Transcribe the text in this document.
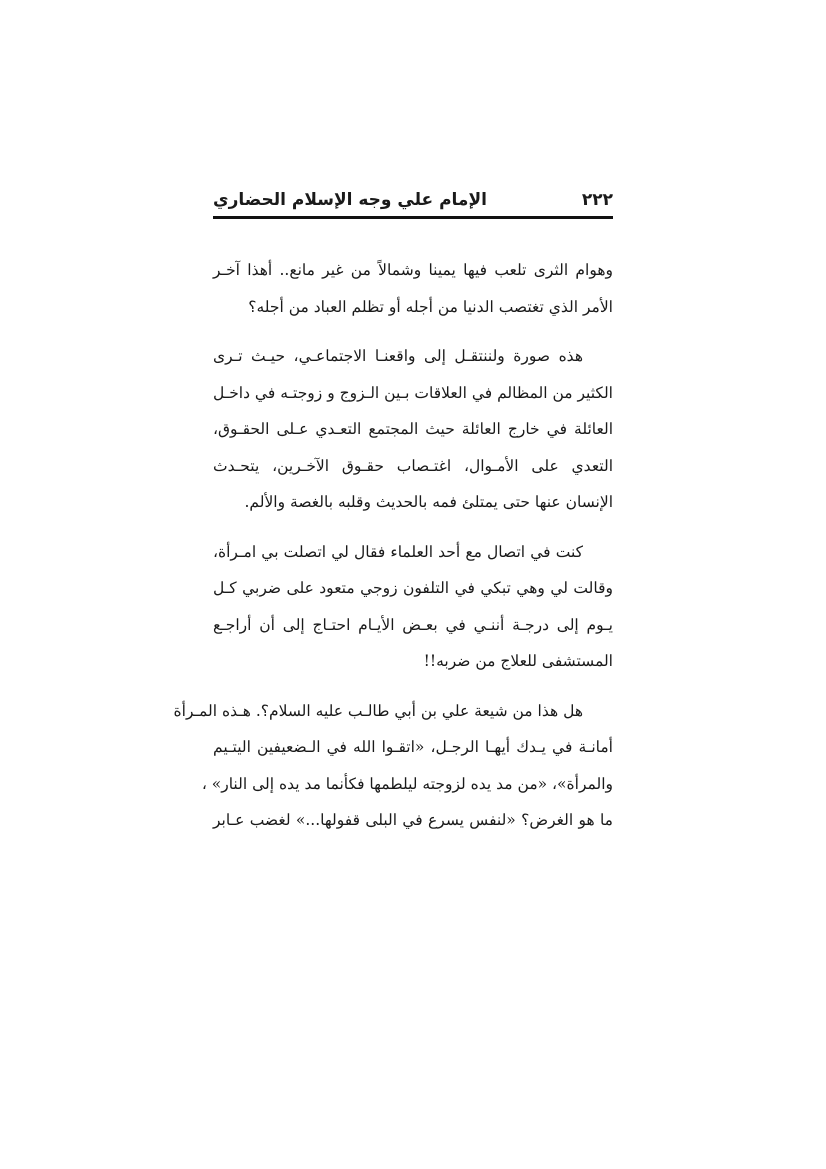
٢٢٢
الإمام علي وجه الإسلام الحضاري

وهوام الثرى تلعب فيها يمينا وشمالاً من غير مانع.. أهذا آخـر
الأمر الذي تغتصب الدنيا من أجله أو تظلم العباد من أجله؟

هذه صورة ولننتقـل إلى واقعنـا الاجتماعـي، حيـث تـرى
الكثير من المظالم في العلاقات بـين الـزوج و زوجتـه في داخـل
العائلة في خارج العائلة حيث المجتمع التعـدي عـلى الحقـوق،
التعدي على الأمـوال، اغتـصاب حقـوق الآخـرين، يتحـدث
الإنسان عنها حتى يمتلئ فمه بالحديث وقلبه بالغصة والألم.

كنت في اتصال مع أحد العلماء فقال لي اتصلت بي امـرأة،
وقالت لي وهي تبكي في التلفون زوجي متعود على ضربي كـل
يـوم إلى درجـة أننـي في بعـض الأيـام احتـاج إلى أن أراجـع
المستشفى للعلاج من ضربه!!

هل هذا من شيعة علي بن أبي طالـب عليه السلام؟. هـذه المـرأة
أمانـة في يـدك أيهـا الرجـل، «اتقـوا الله في الـضعيفين اليتـيم
والمرأة»، «من مد يده لزوجته ليلطمها فكأنما مد يده إلى النار» ،
ما هو الغرض؟ «لنفس يسرع في البلى قفولها...» لغضب عـابر
